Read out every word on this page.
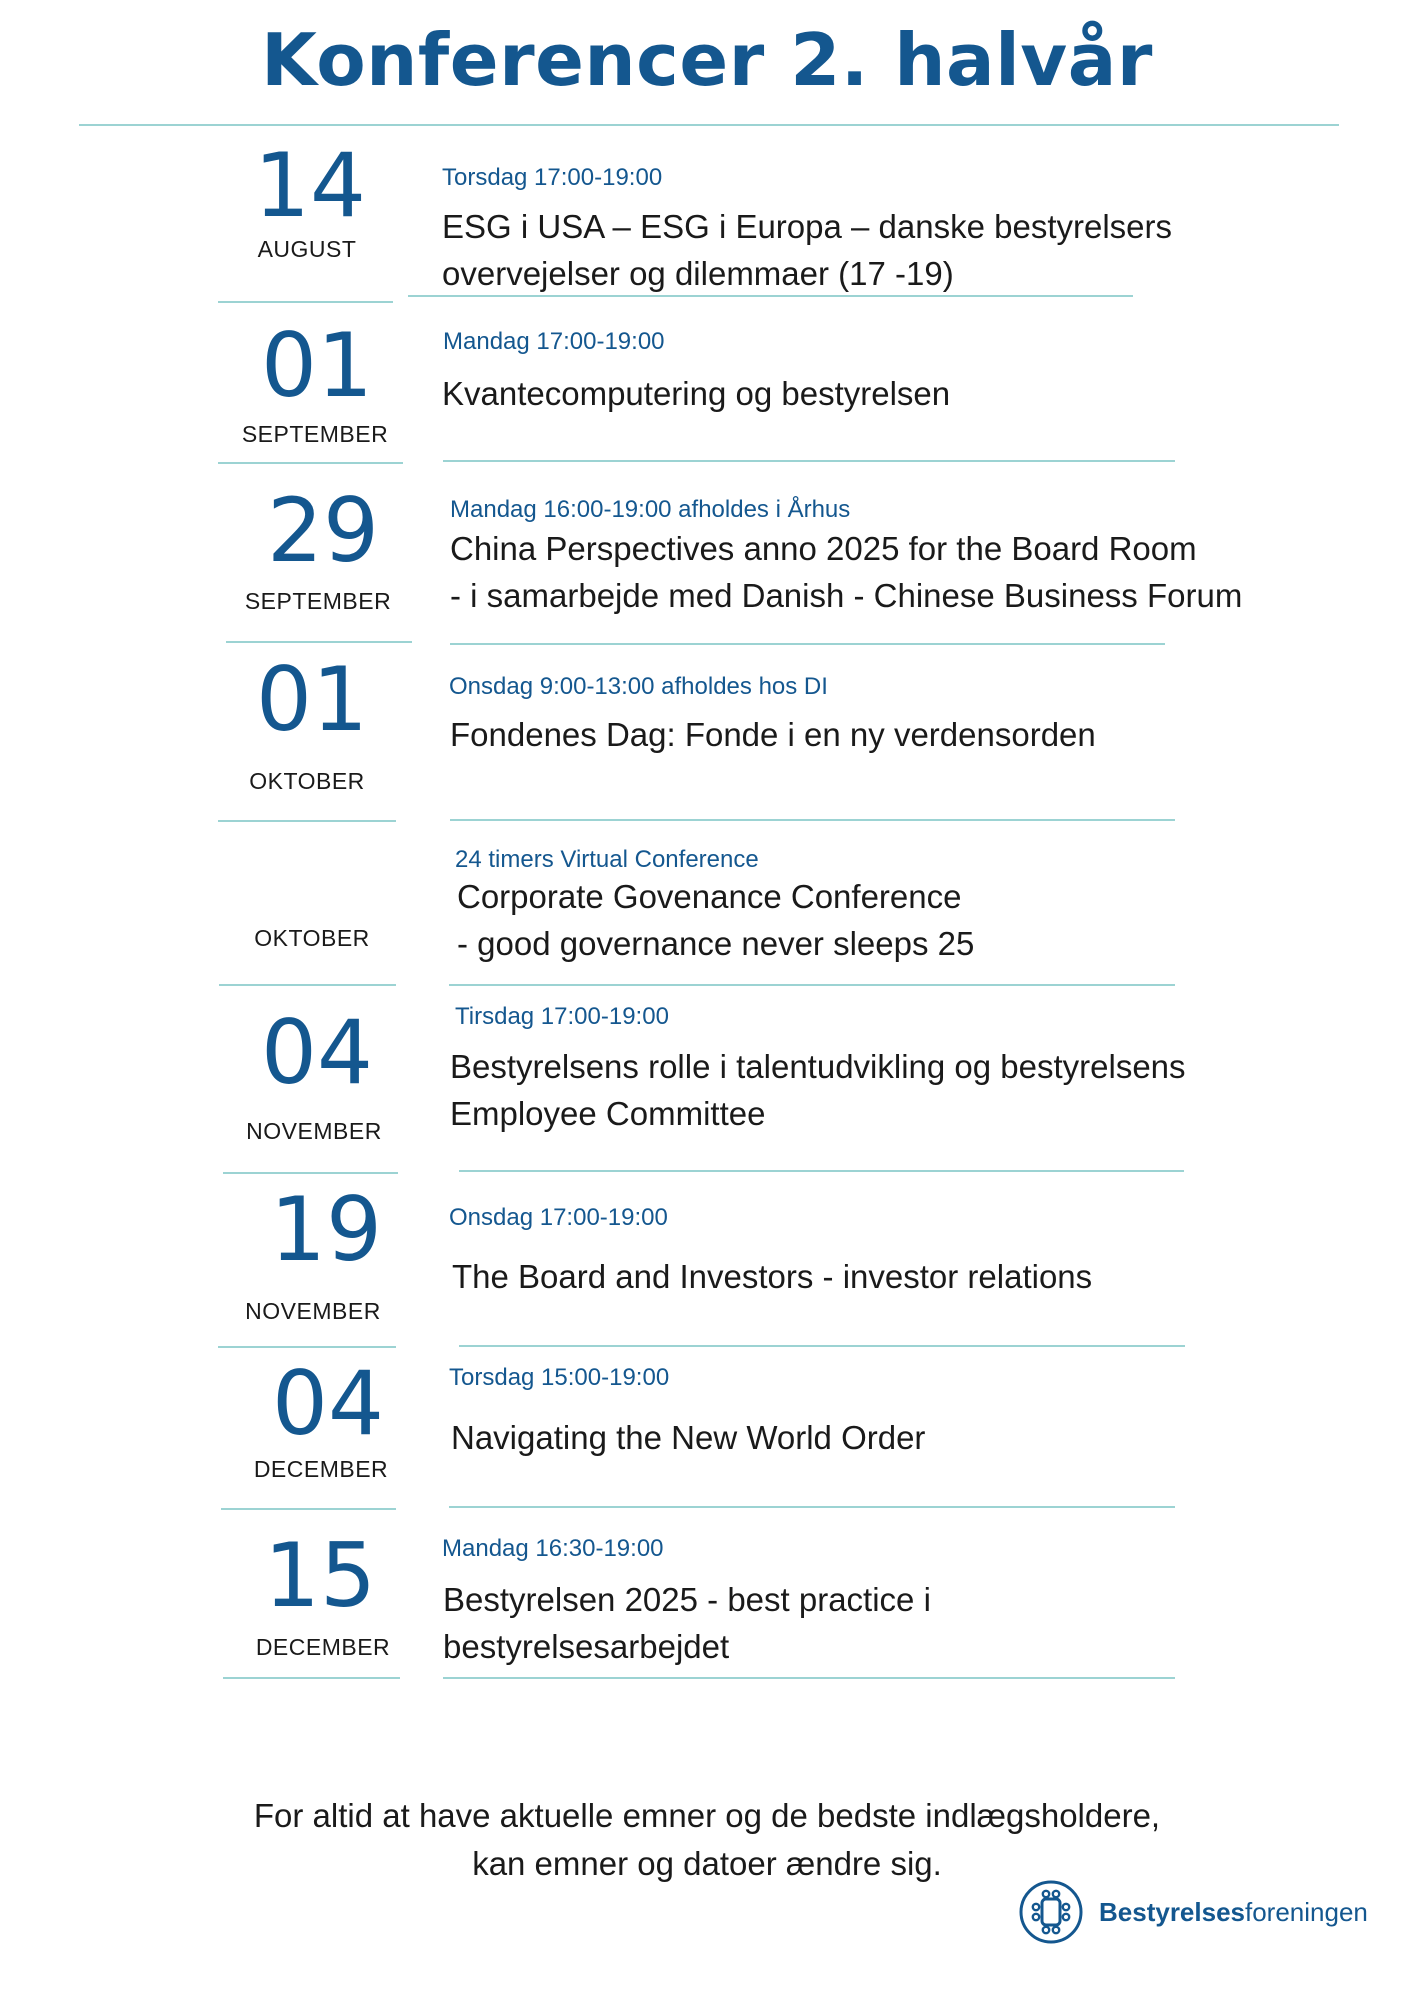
Konferencer 2. halvår
14
AUGUST
Torsdag 17:00-19:00
ESG i USA – ESG i Europa – danske bestyrelsers
overvejelser og dilemmaer (17 -19)
01
SEPTEMBER
Mandag 17:00-19:00
Kvantecomputering og bestyrelsen
29
SEPTEMBER
Mandag 16:00-19:00 afholdes i Århus
China Perspectives anno 2025 for the Board Room
- i samarbejde med Danish - Chinese Business Forum
01
OKTOBER
Onsdag 9:00-13:00 afholdes hos DI
Fondenes Dag: Fonde i en ny verdensorden
OKTOBER
24 timers Virtual Conference
Corporate Govenance Conference
- good governance never sleeps 25
04
NOVEMBER
Tirsdag 17:00-19:00
Bestyrelsens rolle i talentudvikling og bestyrelsens
Employee Committee
19
NOVEMBER
Onsdag 17:00-19:00
The Board and Investors - investor relations
04
DECEMBER
Torsdag 15:00-19:00
Navigating the New World Order
15
DECEMBER
Mandag 16:30-19:00
Bestyrelsen 2025 - best practice i
bestyrelsesarbejdet
For altid at have aktuelle emner og de bedste indlægsholdere,
kan emner og datoer ændre sig.
Bestyrelsesforeningen
